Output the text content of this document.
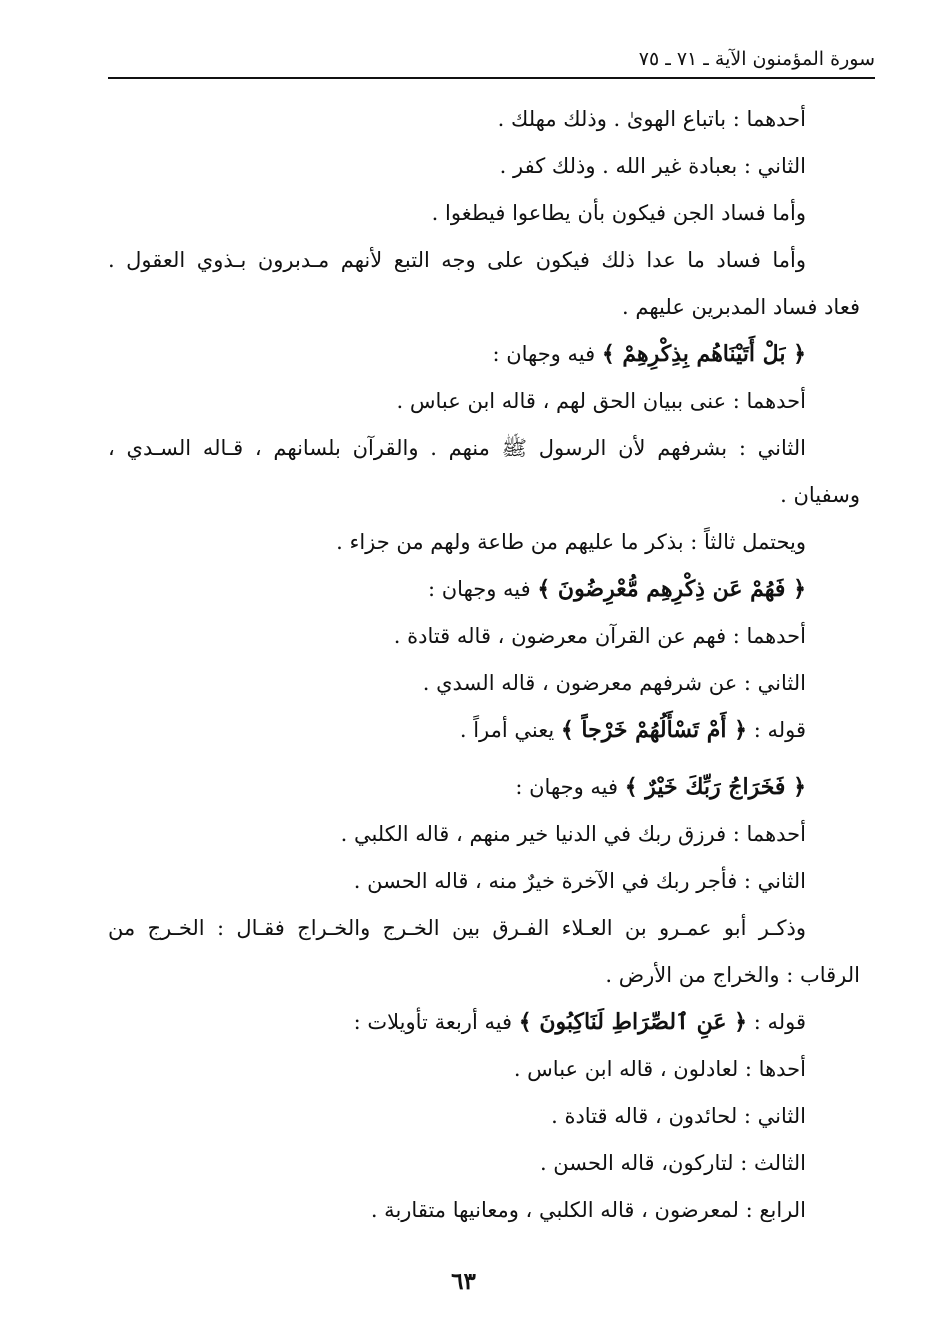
سورة المؤمنون الآية ـ ٧١ ـ ٧٥
أحدهما : باتباع الهوىٰ . وذلك مهلك .
الثاني : بعبادة غير الله . وذلك كفر .
وأما فساد الجن فيكون بأن يطاعوا فيطغوا .
وأما فساد ما عدا ذلك فيكون على وجه التبع لأنهم مـدبرون بـذوي العقول .
فعاد فساد المدبرين عليهم .
﴿ بَلْ أَتَيْنَاهُم بِذِكْرِهِمْ ﴾ فيه وجهان :
أحدهما : عنى ببيان الحق لهم ، قاله ابن عباس .
الثاني : بشرفهم لأن الرسول ﷺ منهم . والقرآن بلسانهم ، قـاله السـدي ،
وسفيان .
ويحتمل ثالثاً : بذكر ما عليهم من طاعة ولهم من جزاء .
﴿ فَهُمْ عَن ذِكْرِهِم مُّعْرِضُونَ ﴾ فيه وجهان :
أحدهما : فهم عن القرآن معرضون ، قاله قتادة .
الثاني : عن شرفهم معرضون ، قاله السدي .
قوله : ﴿ أَمْ تَسْأَلُهُمْ خَرْجاً ﴾ يعني أمراً .
﴿ فَخَرَاجُ رَبِّكَ خَيْرٌ ﴾ فيه وجهان :
أحدهما : فرزق ربك في الدنيا خير منهم ، قاله الكلبي .
الثاني : فأجر ربك في الآخرة خيرٌ منه ، قاله الحسن .
وذكـر أبو عمـرو بن العـلاء الفـرق بين الخـرج والخـراج فقـال : الخـرج من
الرقاب : والخراج من الأرض .
قوله : ﴿ عَنِ ٱلصِّرَاطِ لَنَاكِبُونَ ﴾ فيه أربعة تأويلات :
أحدها : لعادلون ، قاله ابن عباس .
الثاني : لحائدون ، قاله قتادة .
الثالث : لتاركون، قاله الحسن .
الرابع : لمعرضون ، قاله الكلبي ، ومعانيها متقاربة .
٦٣
